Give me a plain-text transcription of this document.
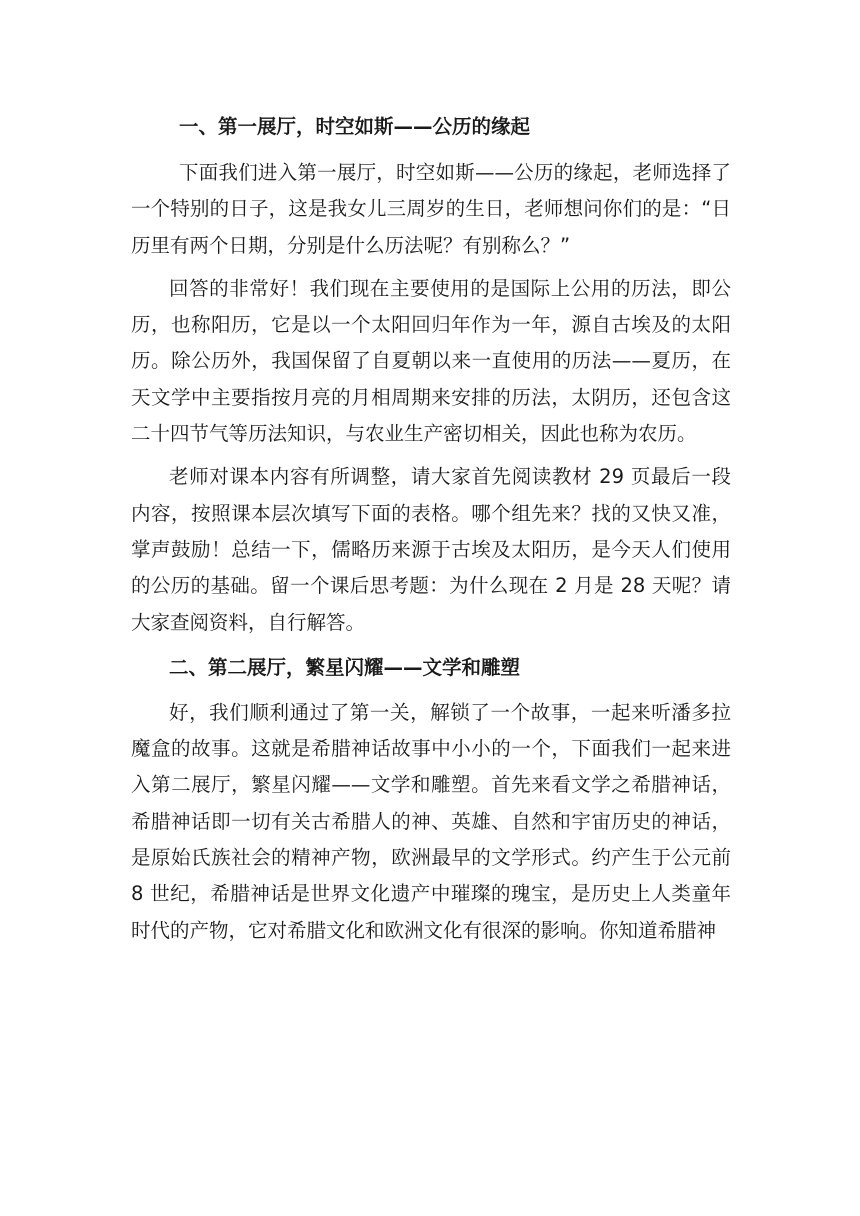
一、第一展厅，时空如斯——公历的缘起

下面我们进入第一展厅，时空如斯——公历的缘起，老师选择了一个特别的日子，这是我女儿三周岁的生日，老师想问你们的是：“日历里有两个日期，分别是什么历法呢？有别称么？”

回答的非常好！我们现在主要使用的是国际上公用的历法，即公历，也称阳历，它是以一个太阳回归年作为一年，源自古埃及的太阳历。除公历外，我国保留了自夏朝以来一直使用的历法——夏历，在天文学中主要指按月亮的月相周期来安排的历法，太阴历，还包含这二十四节气等历法知识，与农业生产密切相关，因此也称为农历。

老师对课本内容有所调整，请大家首先阅读教材 29 页最后一段内容，按照课本层次填写下面的表格。哪个组先来？找的又快又准，掌声鼓励！总结一下，儒略历来源于古埃及太阳历，是今天人们使用的公历的基础。留一个课后思考题：为什么现在 2 月是 28 天呢？请大家查阅资料，自行解答。

二、第二展厅，繁星闪耀——文学和雕塑

好，我们顺利通过了第一关，解锁了一个故事，一起来听潘多拉魔盒的故事。这就是希腊神话故事中小小的一个，下面我们一起来进入第二展厅，繁星闪耀——文学和雕塑。首先来看文学之希腊神话，希腊神话即一切有关古希腊人的神、英雄、自然和宇宙历史的神话，是原始氏族社会的精神产物，欧洲最早的文学形式。约产生于公元前 8 世纪，希腊神话是世界文化遗产中璀璨的瑰宝，是历史上人类童年时代的产物，它对希腊文化和欧洲文化有很深的影响。你知道希腊神
